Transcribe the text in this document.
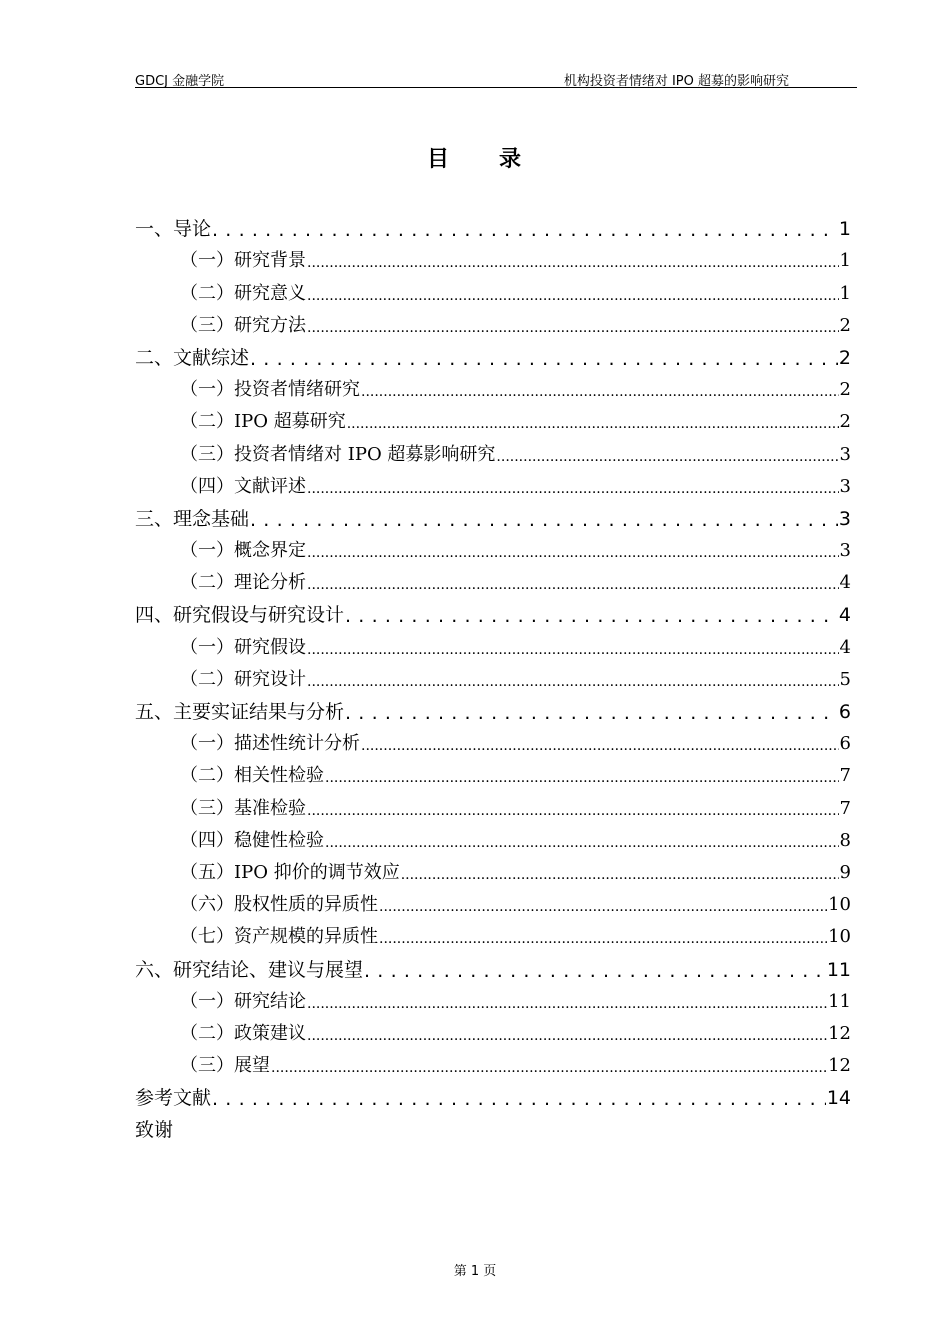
GDCJ 金融学院	机构投资者情绪对 IPO 超募的影响研究
目　　录
一、导论 . . .	1
（一）研究背景 .....	1
（二）研究意义 .....	1
（三）研究方法 .....	2
二、文献综述 . . .	2
（一）投资者情绪研究 .....	2
（二）IPO 超募研究 .....	2
（三）投资者情绪对 IPO 超募影响研究 .....	3
（四）文献评述 .....	3
三、理念基础 . . .	3
（一）概念界定 .....	3
（二）理论分析 .....	4
四、研究假设与研究设计 . . .	4
（一）研究假设 .....	4
（二）研究设计 .....	5
五、主要实证结果与分析 . . .	6
（一）描述性统计分析 .....	6
（二）相关性检验 .....	7
（三）基准检验 .....	7
（四）稳健性检验 .....	8
（五）IPO 抑价的调节效应 .....	9
（六）股权性质的异质性 .....	10
（七）资产规模的异质性 .....	10
六、研究结论、建议与展望 . . .	11
（一）研究结论 .....	11
（二）政策建议 .....	12
（三）展望 .....	12
参考文献 . . .	14
致谢
第 1 页
